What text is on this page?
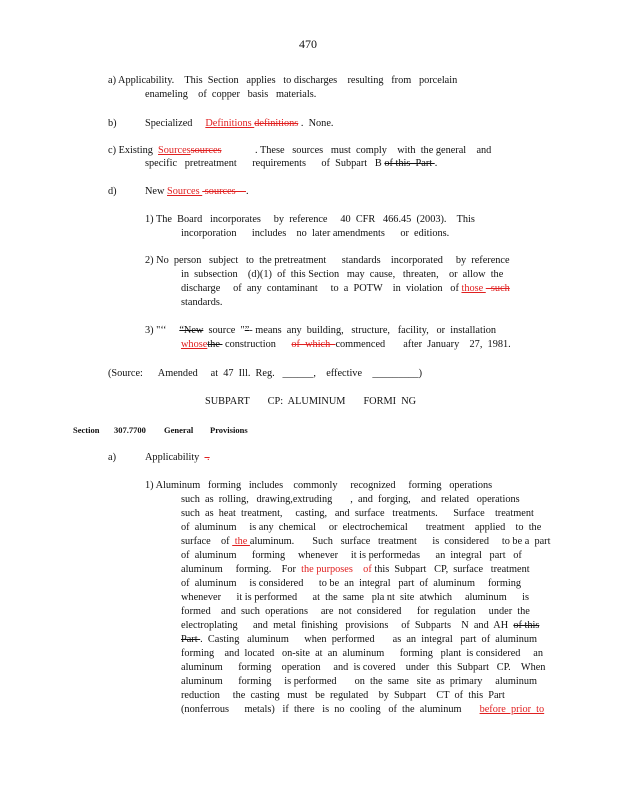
470
a) Applicability.    This  Section   applies   to discharges    resulting   from   porcelain
enameling    of  copper   basis   materials.
b)	Specialized Definitions definitions .  None.
c) Existing  Sourcessources             . These   sources   must  comply    with  the general    and
specific   pretreatment      requirements      of  Subpart   B of this  Part .
d)	New Sources  sources    .
1) The  Board   incorporates     by  reference     40  CFR   466.45  (2003).    This
incorporation      includes    no  later amendments      or  editions.
2) No  person   subject   to  the pretreatment      standards    incorporated     by  reference
in  subsection    (d)(1)  of  this Section   may  cause,   threaten,    or  allow  the
discharge     of  any  contaminant     to  a  POTW    in  violation   of those   such
standards.
3) "‘‘     “New  source  "”- means  any  building,   structure,   facility,   or  installation
whosethe  construction      of  which  commenced       after  January    27,  1981.
(Source:      Amended     at  47  Ill.  Reg.   ______,    effective    _________)
SUBPART       CP:  ALUMINUM       FORMI  NG
Section 307.7700 General Provisions
a)	Applicability   .
1) Aluminum   forming   includes    commonly     recognized     forming   operations
such  as  rolling,   drawing,extruding       ,  and  forging,    and  related   operations
such  as  heat  treatment,     casting,   and  surface   treatments.      Surface    treatment
of  aluminum     is any  chemical     or  electrochemical       treatment    applied    to  the
surface    of  the aluminum.       Such   surface   treatment      is  considered     to be a  part
of  aluminum      forming     whenever     it is performedas      an  integral   part   of
aluminum     forming.    For  the purposes    of this  Subpart   CP,  surface   treatment
of  aluminum     is considered      to be  an  integral   part  of  aluminum     forming
whenever      it is performed      at  the  same   pla nt  site  atwhich     aluminum      is
formed    and  such  operations     are  not  considered      for  regulation     under  the
electroplating      and  metal  finishing   provisions     of  Subparts    N  and  AH  of this
Part .  Casting   aluminum      when  performed       as  an  integral   part  of  aluminum
forming    and  located   on-site  at  an  aluminum      forming   plant  is considered     an
aluminum      forming    operation     and  is covered    under   this  Subpart   CP.    When
aluminum      forming     is performed       on  the  same   site  as  primary     aluminum
reduction     the  casting   must   be  regulated    by  Subpart    CT  of  this  Part
(nonferrous      metals)   if  there   is  no  cooling   of  the  aluminum       before  prior  to
